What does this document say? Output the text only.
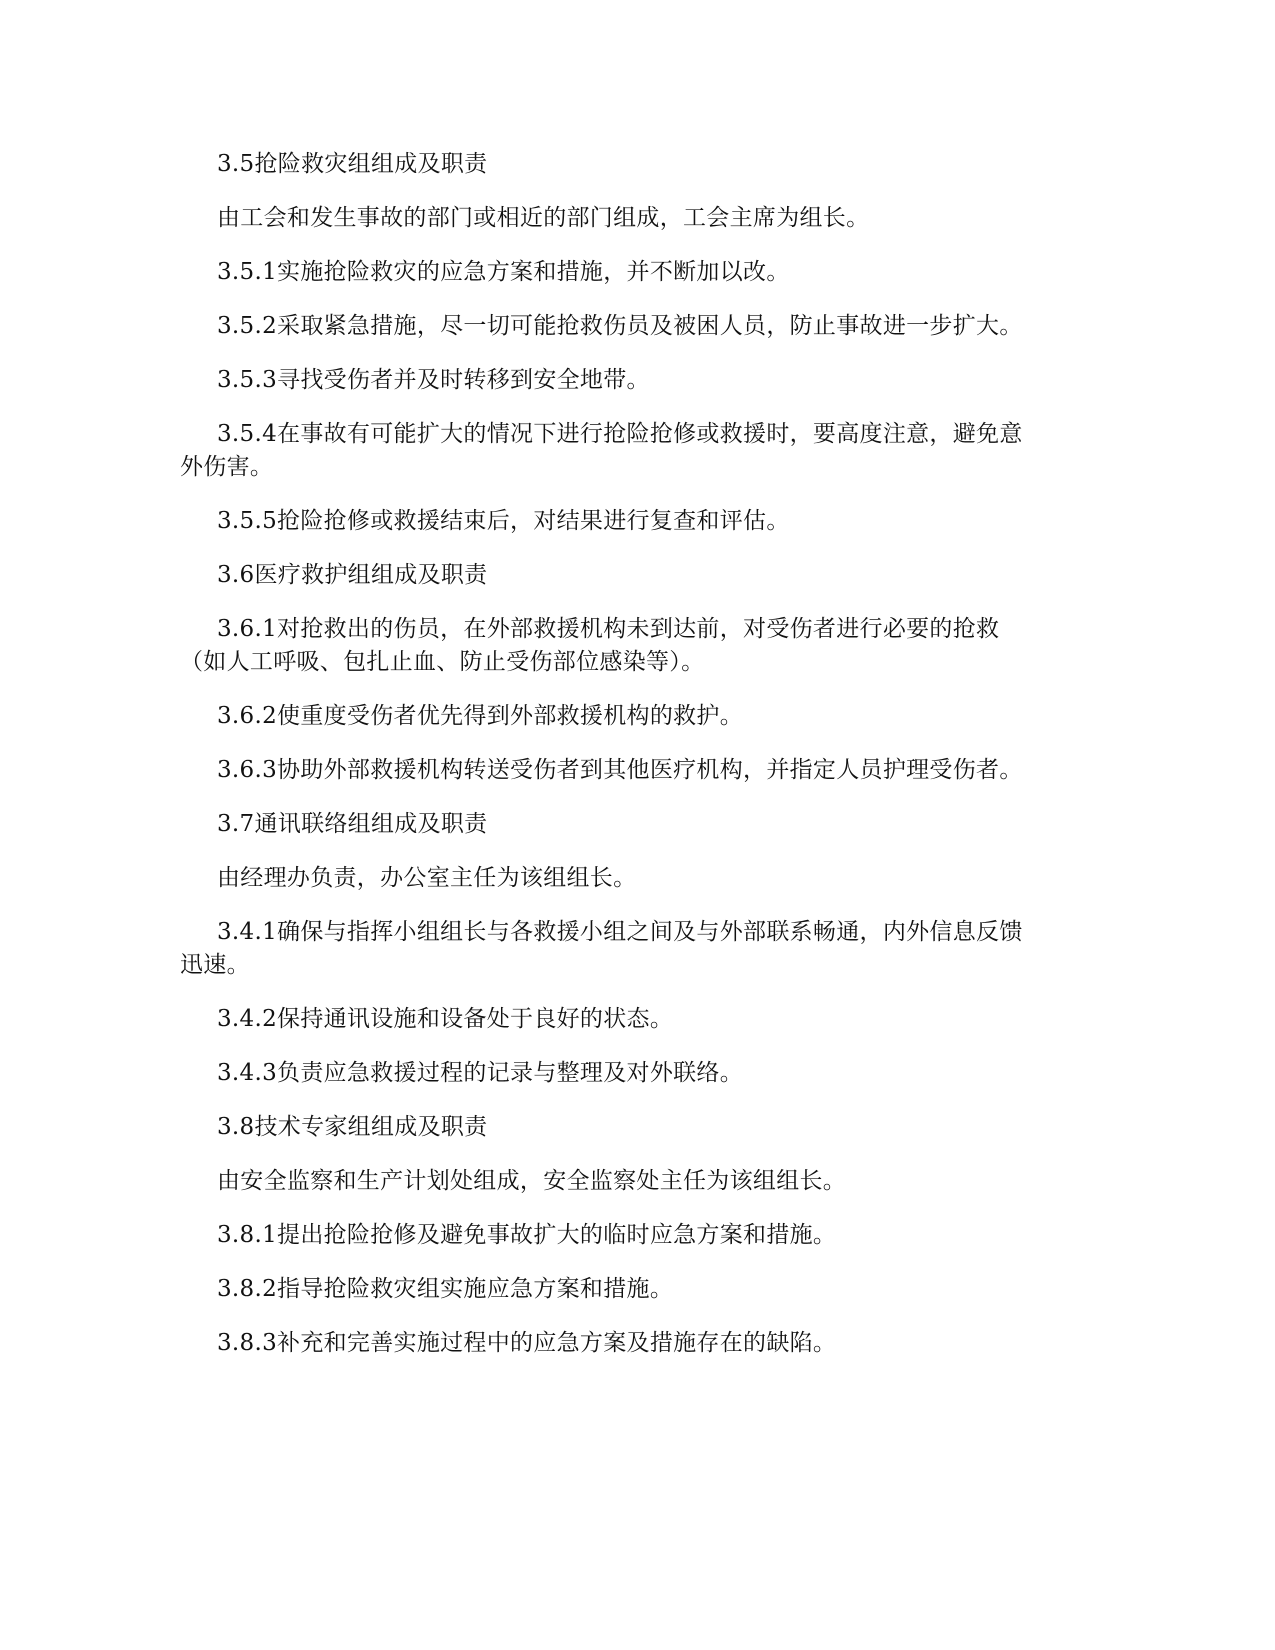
3.5抢险救灾组组成及职责

由工会和发生事故的部门或相近的部门组成，工会主席为组长。

3.5.1实施抢险救灾的应急方案和措施，并不断加以改。

3.5.2采取紧急措施，尽一切可能抢救伤员及被困人员，防止事故进一步扩大。

3.5.3寻找受伤者并及时转移到安全地带。

3.5.4在事故有可能扩大的情况下进行抢险抢修或救援时，要高度注意，避免意外伤害。

3.5.5抢险抢修或救援结束后，对结果进行复查和评估。

3.6医疗救护组组成及职责

3.6.1对抢救出的伤员，在外部救援机构未到达前，对受伤者进行必要的抢救（如人工呼吸、包扎止血、防止受伤部位感染等）。

3.6.2使重度受伤者优先得到外部救援机构的救护。

3.6.3协助外部救援机构转送受伤者到其他医疗机构，并指定人员护理受伤者。

3.7通讯联络组组成及职责

由经理办负责，办公室主任为该组组长。

3.4.1确保与指挥小组组长与各救援小组之间及与外部联系畅通，内外信息反馈迅速。

3.4.2保持通讯设施和设备处于良好的状态。

3.4.3负责应急救援过程的记录与整理及对外联络。

3.8技术专家组组成及职责

由安全监察和生产计划处组成，安全监察处主任为该组组长。

3.8.1提出抢险抢修及避免事故扩大的临时应急方案和措施。

3.8.2指导抢险救灾组实施应急方案和措施。

3.8.3补充和完善实施过程中的应急方案及措施存在的缺陷。
